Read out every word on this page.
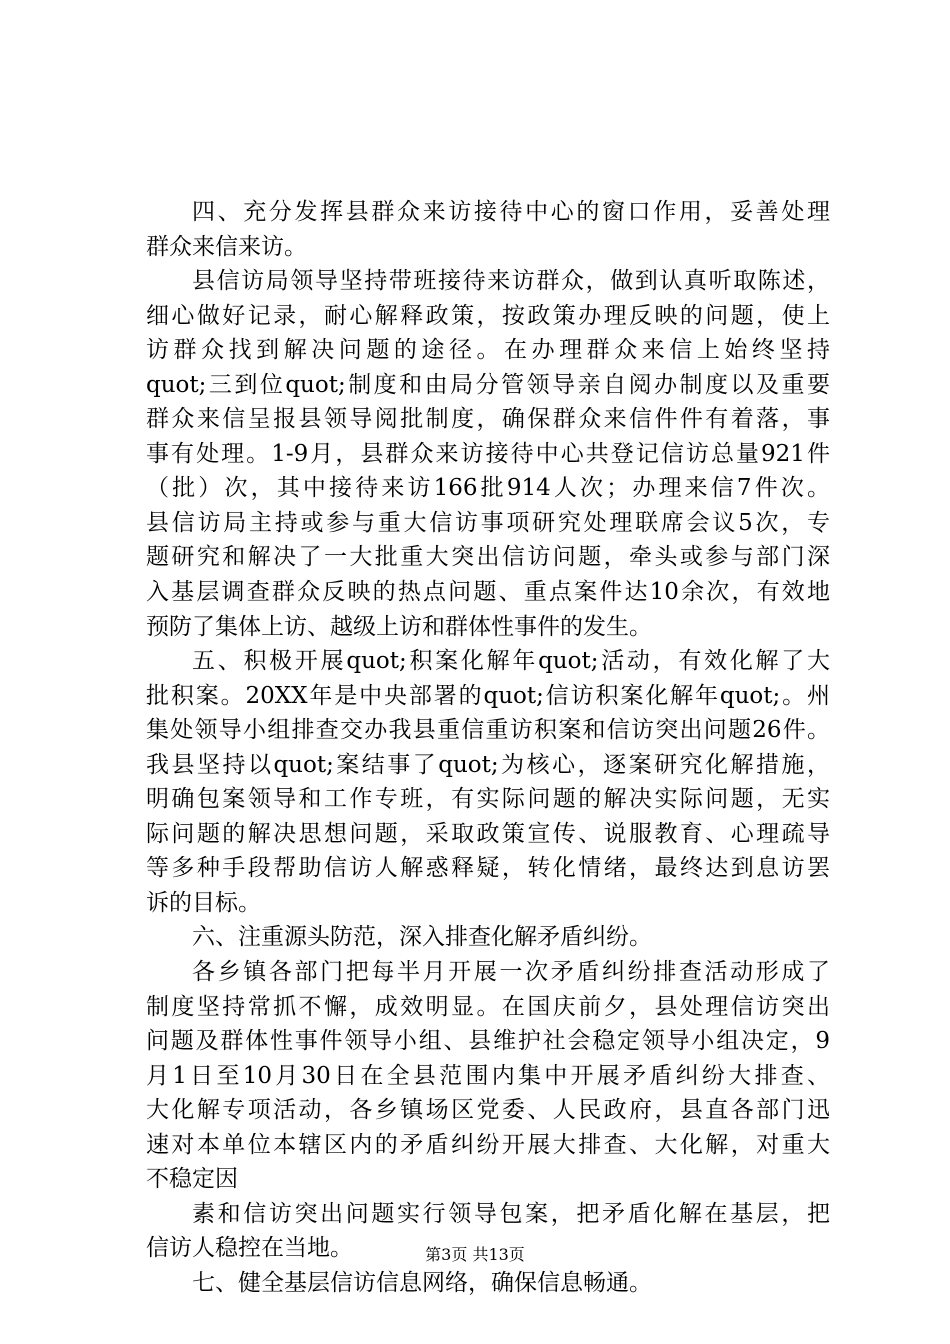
四、充分发挥县群众来访接待中心的窗口作用，妥善处理
群众来信来访。
县信访局领导坚持带班接待来访群众，做到认真听取陈述，
细心做好记录，耐心解释政策，按政策办理反映的问题，使上
访群众找到解决问题的途径。在办理群众来信上始终坚持
quot;三到位quot;制度和由局分管领导亲自阅办制度以及重要
群众来信呈报县领导阅批制度，确保群众来信件件有着落，事
事有处理。1-9月，县群众来访接待中心共登记信访总量921件
（批）次，其中接待来访166批914人次；办理来信7件次。
县信访局主持或参与重大信访事项研究处理联席会议5次，专
题研究和解决了一大批重大突出信访问题，牵头或参与部门深
入基层调查群众反映的热点问题、重点案件达10余次，有效地
预防了集体上访、越级上访和群体性事件的发生。
五、积极开展quot;积案化解年quot;活动，有效化解了大
批积案。20XX年是中央部署的quot;信访积案化解年quot;。州
集处领导小组排查交办我县重信重访积案和信访突出问题26件。
我县坚持以quot;案结事了quot;为核心，逐案研究化解措施，
明确包案领导和工作专班，有实际问题的解决实际问题，无实
际问题的解决思想问题，采取政策宣传、说服教育、心理疏导
等多种手段帮助信访人解惑释疑，转化情绪，最终达到息访罢
诉的目标。
六、注重源头防范，深入排查化解矛盾纠纷。
各乡镇各部门把每半月开展一次矛盾纠纷排查活动形成了
制度坚持常抓不懈，成效明显。在国庆前夕，县处理信访突出
问题及群体性事件领导小组、县维护社会稳定领导小组决定，9
月1日至10月30日在全县范围内集中开展矛盾纠纷大排查、
大化解专项活动，各乡镇场区党委、人民政府，县直各部门迅
速对本单位本辖区内的矛盾纠纷开展大排查、大化解，对重大
不稳定因
素和信访突出问题实行领导包案，把矛盾化解在基层，把
信访人稳控在当地。
七、健全基层信访信息网络，确保信息畅通。
第3页 共13页
